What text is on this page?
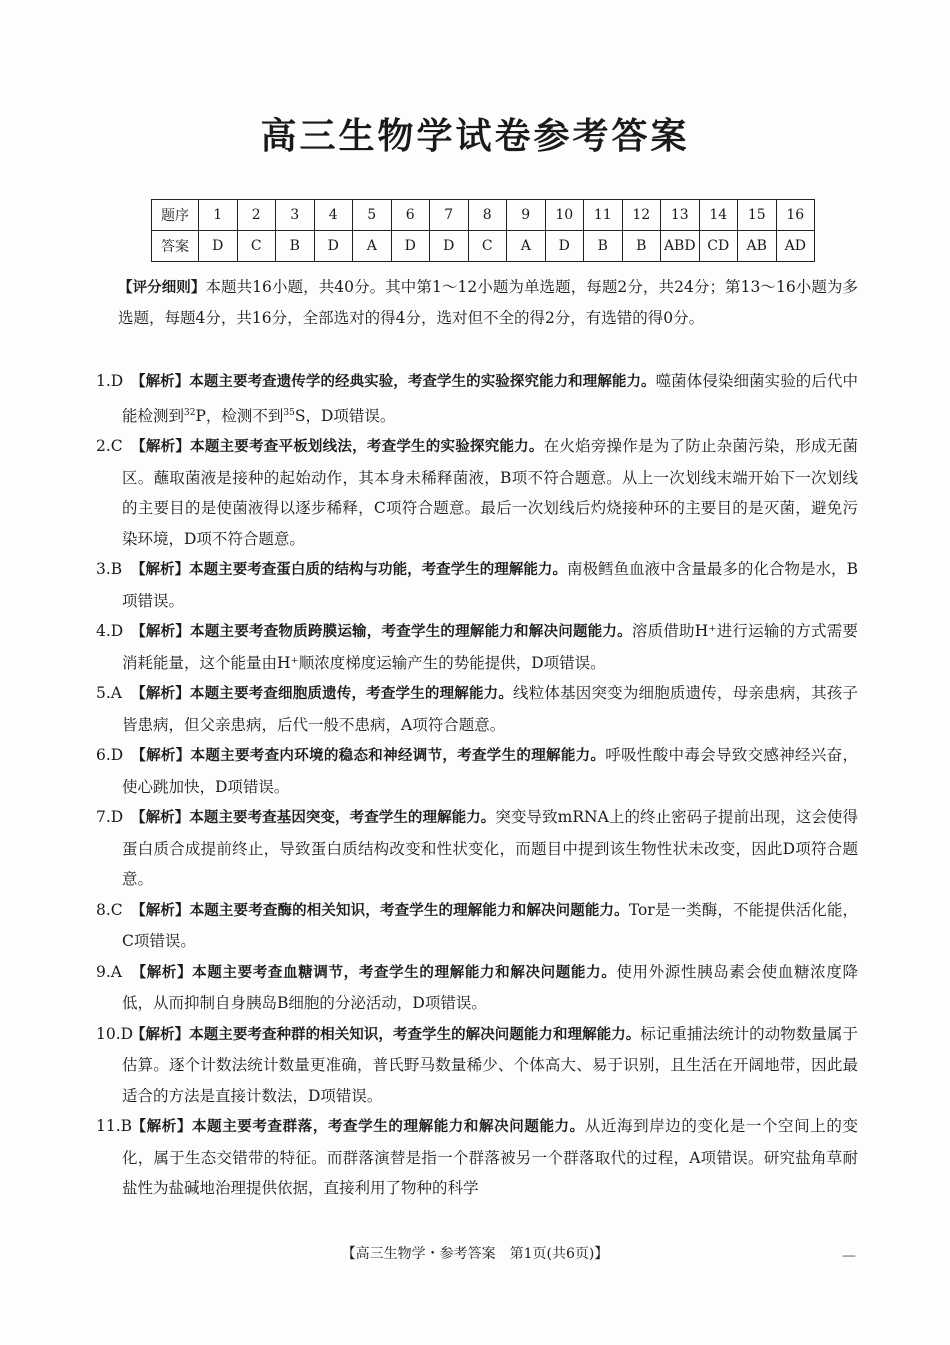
高三生物学试卷参考答案
题序	1	2	3	4	5	6	7	8	9	10	11	12	13	14	15	16
答案	D	C	B	D	A	D	D	C	A	D	B	B	ABD	CD	AB	AD
【评分细则】本题共16小题，共40分。其中第1～12小题为单选题，每题2分，共24分；第13～16小题为多选题，每题4分，共16分，全部选对的得4分，选对但不全的得2分，有选错的得0分。
1.D 【解析】本题主要考查遗传学的经典实验，考查学生的实验探究能力和理解能力。噬菌体侵染细菌实验的后代中能检测到$^{32}$P，检测不到$^{35}$S，D项错误。
2.C 【解析】本题主要考查平板划线法，考查学生的实验探究能力。在火焰旁操作是为了防止杂菌污染，形成无菌区。蘸取菌液是接种的起始动作，其本身未稀释菌液，B项不符合题意。从上一次划线末端开始下一次划线的主要目的是使菌液得以逐步稀释，C项符合题意。最后一次划线后灼烧接种环的主要目的是灭菌，避免污染环境，D项不符合题意。
3.B 【解析】本题主要考查蛋白质的结构与功能，考查学生的理解能力。南极鳕鱼血液中含量最多的化合物是水，B项错误。
4.D 【解析】本题主要考查物质跨膜运输，考查学生的理解能力和解决问题能力。溶质借助H⁺进行运输的方式需要消耗能量，这个能量由H⁺顺浓度梯度运输产生的势能提供，D项错误。
5.A 【解析】本题主要考查细胞质遗传，考查学生的理解能力。线粒体基因突变为细胞质遗传，母亲患病，其孩子皆患病，但父亲患病，后代一般不患病，A项符合题意。
6.D 【解析】本题主要考查内环境的稳态和神经调节，考查学生的理解能力。呼吸性酸中毒会导致交感神经兴奋，使心跳加快，D项错误。
7.D 【解析】本题主要考查基因突变，考查学生的理解能力。突变导致mRNA上的终止密码子提前出现，这会使得蛋白质合成提前终止，导致蛋白质结构改变和性状变化，而题目中提到该生物性状未改变，因此D项符合题意。
8.C 【解析】本题主要考查酶的相关知识，考查学生的理解能力和解决问题能力。Tor是一类酶，不能提供活化能，C项错误。
9.A 【解析】本题主要考查血糖调节，考查学生的理解能力和解决问题能力。使用外源性胰岛素会使血糖浓度降低，从而抑制自身胰岛B细胞的分泌活动，D项错误。
10.D 【解析】本题主要考查种群的相关知识，考查学生的解决问题能力和理解能力。标记重捕法统计的动物数量属于估算。逐个计数法统计数量更准确，普氏野马数量稀少、个体高大、易于识别，且生活在开阔地带，因此最适合的方法是直接计数法，D项错误。
11.B 【解析】本题主要考查群落，考查学生的理解能力和解决问题能力。从近海到岸边的变化是一个空间上的变化，属于生态交错带的特征。而群落演替是指一个群落被另一个群落取代的过程，A项错误。研究盐角草耐盐性为盐碱地治理提供依据，直接利用了物种的科学
【高三生物学・参考答案　第1页(共6页)】	—
